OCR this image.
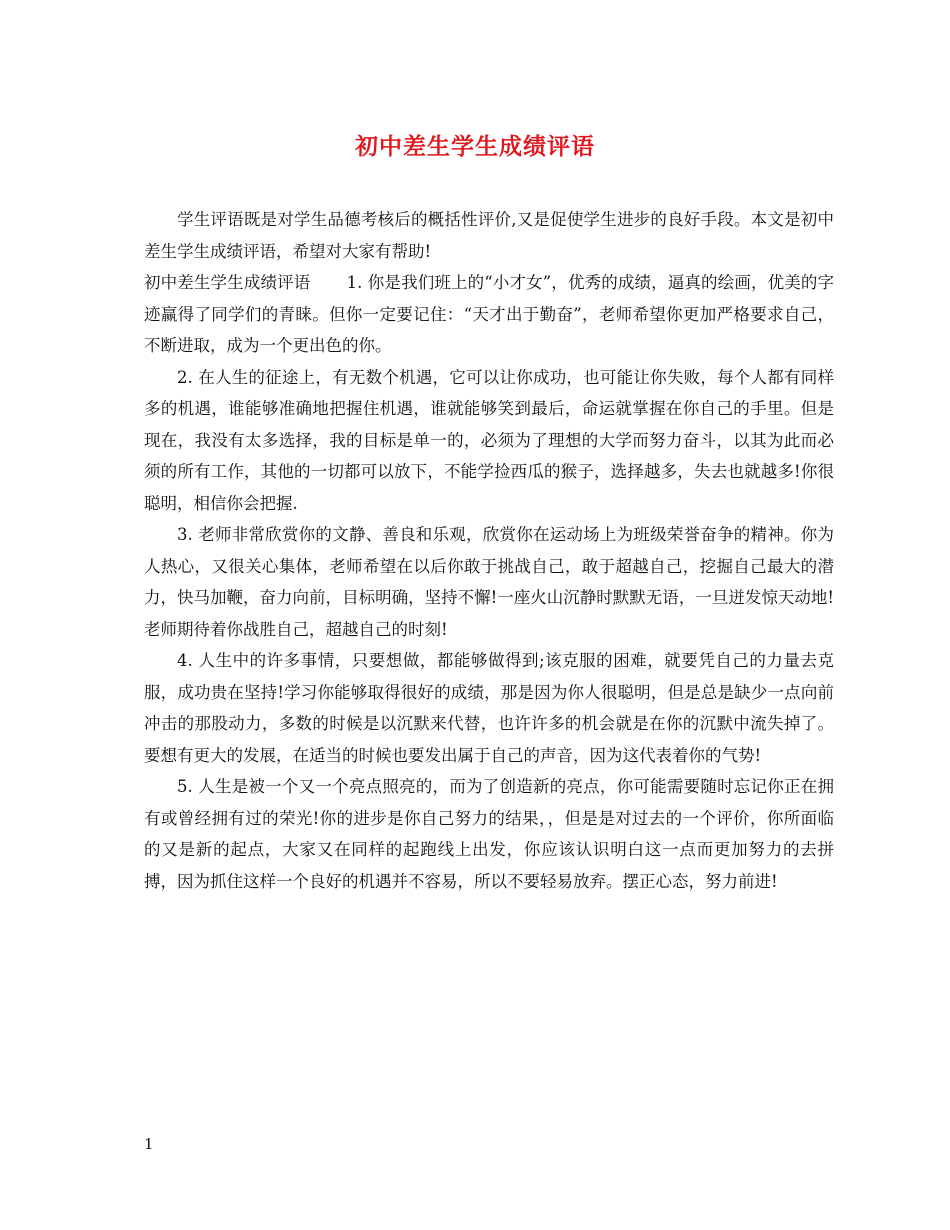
初中差生学生成绩评语

学生评语既是对学生品德考核后的概括性评价,又是促使学生进步的良好手段。本文是初中差生学生成绩评语，希望对大家有帮助!

初中差生学生成绩评语 1. 你是我们班上的“小才女”，优秀的成绩，逼真的绘画，优美的字迹赢得了同学们的青睐。但你一定要记住：“天才出于勤奋”，老师希望你更加严格要求自己，不断进取，成为一个更出色的你。

2. 在人生的征途上，有无数个机遇，它可以让你成功，也可能让你失败，每个人都有同样多的机遇，谁能够准确地把握住机遇，谁就能够笑到最后，命运就掌握在你自己的手里。但是现在，我没有太多选择，我的目标是单一的，必须为了理想的大学而努力奋斗，以其为此而必须的所有工作，其他的一切都可以放下，不能学捡西瓜的猴子，选择越多，失去也就越多!你很聪明，相信你会把握.

3. 老师非常欣赏你的文静、善良和乐观，欣赏你在运动场上为班级荣誉奋争的精神。你为人热心，又很关心集体，老师希望在以后你敢于挑战自己，敢于超越自己，挖掘自己最大的潜力，快马加鞭，奋力向前，目标明确，坚持不懈!一座火山沉静时默默无语，一旦迸发惊天动地!老师期待着你战胜自己，超越自己的时刻!

4. 人生中的许多事情，只要想做，都能够做得到;该克服的困难，就要凭自己的力量去克服，成功贵在坚持!学习你能够取得很好的成绩，那是因为你人很聪明，但是总是缺少一点向前冲击的那股动力，多数的时候是以沉默来代替，也许许多的机会就是在你的沉默中流失掉了。要想有更大的发展，在适当的时候也要发出属于自己的声音，因为这代表着你的气势!

5. 人生是被一个又一个亮点照亮的，而为了创造新的亮点，你可能需要随时忘记你正在拥有或曾经拥有过的荣光!你的进步是你自己努力的结果，，但是是对过去的一个评价，你所面临的又是新的起点，大家又在同样的起跑线上出发，你应该认识明白这一点而更加努力的去拼搏，因为抓住这样一个良好的机遇并不容易，所以不要轻易放弃。摆正心态，努力前进!

1
